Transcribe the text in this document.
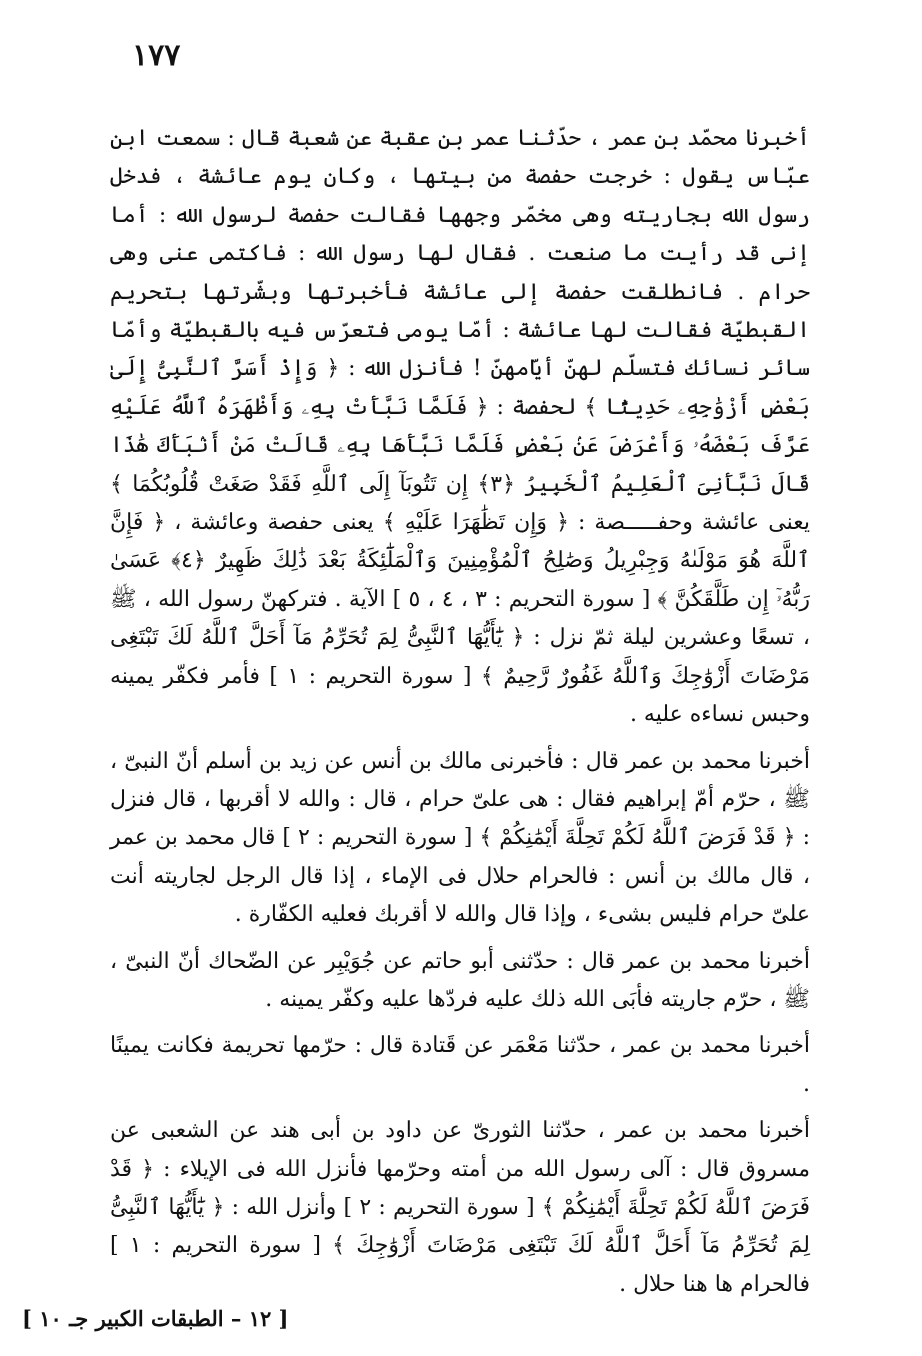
١٧٧

أخبرنا محمّد بن عمر ، حدّثنا عمر بن عقبة عن شعبة قال : سمعت ابن عبّاس يقول : خرجت حفصة من بيتها ، وكان يوم عائشة ، فدخل رسول الله بجاريته وهى مخمّر وجهها فقالت حفصة لرسول الله : أما إنى قد رأيت ما صنعت . فقال لها رسول الله : فاكتمى عنى وهى حرام . فانطلقت حفصة إلى عائشة فأخبرتها وبشّرتها بتحريم القبطيّة فقالت لها عائشة : أمّا يومى فتعرّس فيه بالقبطيّة وأمّا سائر نسائك فتسلّم لهنّ أيّامهنّ ! فأنزل الله : ﴿ وَإِذْ أَسَرَّ ٱلنَّبِىُّ إِلَىٰ بَعْضِ أَزْوَٰجِهِۦ حَدِيثًا ﴾ لحفصة : ﴿ فَلَمَّا نَبَّأَتْ بِهِۦ وَأَظْهَرَهُ ٱللَّهُ عَلَيْهِ عَرَّفَ بَعْضَهُۥ وَأَعْرَضَ عَنۢ بَعْضٍ فَلَمَّا نَبَّأَهَا بِهِۦ قَالَتْ مَنْ أَنۢبَأَكَ هَٰذَا قَالَ نَبَّأَنِىَ ٱلْعَلِيمُ ٱلْخَبِيرُ ﴿٣﴾ إِن تَتُوبَآ إِلَى ٱللَّهِ فَقَدْ صَغَتْ قُلُوبُكُمَا ﴾ يعنى عائشة وحفـــــصة : ﴿ وَإِن تَظَٰهَرَا عَلَيْهِ ﴾ يعنى حفصة وعائشة ، ﴿ فَإِنَّ ٱللَّهَ هُوَ مَوْلَىٰهُ وَجِبْرِيلُ وَصَٰلِحُ ٱلْمُؤْمِنِينَ وَٱلْمَلَٰٓئِكَةُ بَعْدَ ذَٰلِكَ ظَهِيرٌ ﴿٤﴾ عَسَىٰ رَبُّهُۥٓ إِن طَلَّقَكُنَّ ﴾ [ سورة التحريم : ٣ ، ٤ ، ٥ ] الآية . فتركهنّ رسول الله ، ﷺ ، تسعًا وعشرين ليلة ثمّ نزل : ﴿ يَٰٓأَيُّهَا ٱلنَّبِىُّ لِمَ تُحَرِّمُ مَآ أَحَلَّ ٱللَّهُ لَكَ تَبْتَغِى مَرْضَاتَ أَزْوَٰجِكَ وَٱللَّهُ غَفُورٌ رَّحِيمٌ ﴾ [ سورة التحريم : ١ ] فأمر فكفّر يمينه وحبس نساءه عليه .

أخبرنا محمد بن عمر قال : فأخبرنى مالك بن أنس عن زيد بن أسلم أنّ النبىّ ، ﷺ ، حرّم أمّ إبراهيم فقال : هى علىّ حرام ، قال : والله لا أقربها ، قال فنزل : ﴿ قَدْ فَرَضَ ٱللَّهُ لَكُمْ تَحِلَّةَ أَيْمَٰنِكُمْ ﴾ [ سورة التحريم : ٢ ] قال محمد بن عمر ، قال مالك بن أنس : فالحرام حلال فى الإماء ، إذا قال الرجل لجاريته أنت علىّ حرام فليس بشىء ، وإذا قال والله لا أقربك فعليه الكفّارة .

أخبرنا محمد بن عمر قال : حدّثنى أبو حاتم عن جُوَيْبِر عن الضّحاك أنّ النبىّ ، ﷺ ، حرّم جاريته فأبَى الله ذلك عليه فردّها عليه وكفّر يمينه .

أخبرنا محمد بن عمر ، حدّثنا مَعْمَر عن قَتادة قال : حرّمها تحريمة فكانت يمينًا .

أخبرنا محمد بن عمر ، حدّثنا الثورىّ عن داود بن أبى هند عن الشعبى عن مسروق قال : آلى رسول الله من أمته وحرّمها فأنزل الله فى الإيلاء : ﴿ قَدْ فَرَضَ ٱللَّهُ لَكُمْ تَحِلَّةَ أَيْمَٰنِكُمْ ﴾ [ سورة التحريم : ٢ ] وأنزل الله : ﴿ يَٰٓأَيُّهَا ٱلنَّبِىُّ لِمَ تُحَرِّمُ مَآ أَحَلَّ ٱللَّهُ لَكَ تَبْتَغِى مَرْضَاتَ أَزْوَٰجِكَ ﴾ [ سورة التحريم : ١ ] فالحرام ها هنا حلال .

[ ١٢ – الطبقات الكبير جـ ١٠ ]
